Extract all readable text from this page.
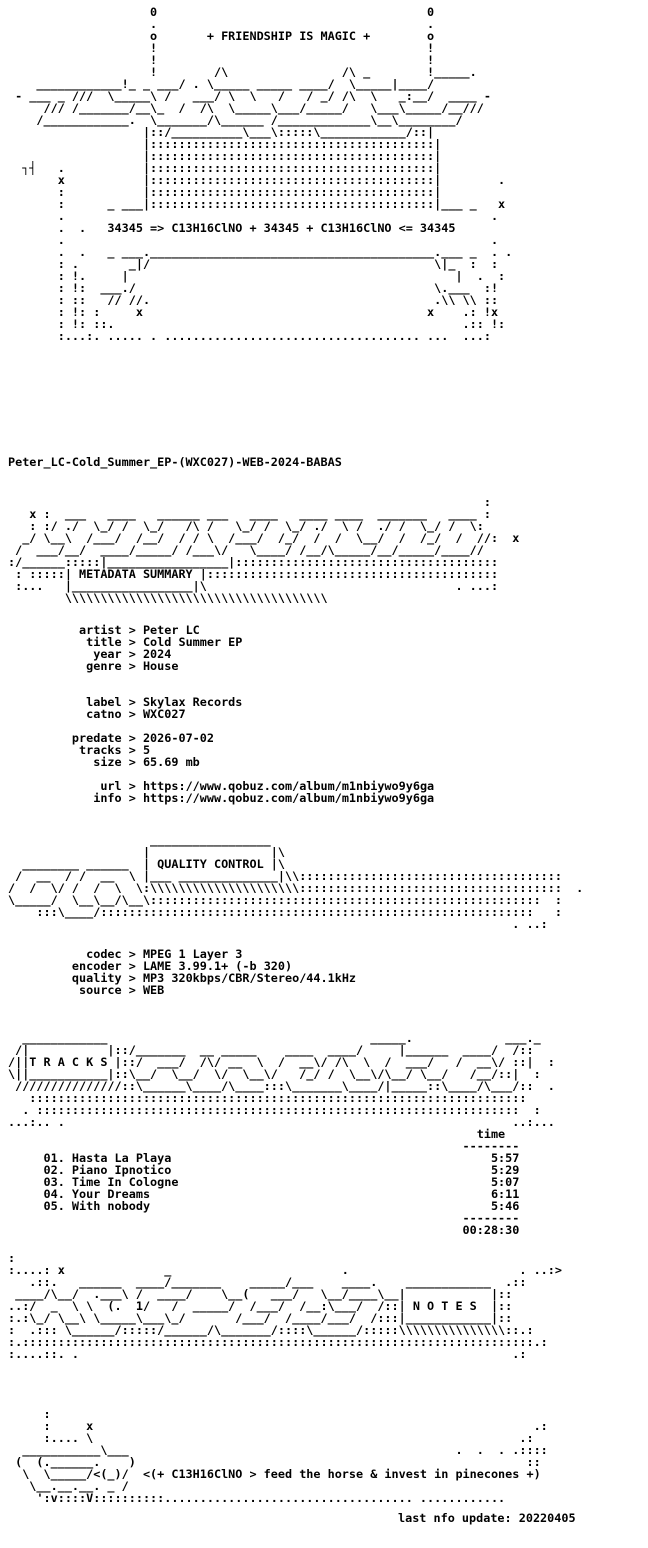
0                                      0
.                                      .
o       + FRIENDSHIP IS MAGIC +        o
!                                      !
!                                      !
!        /\                /\ _        !_____.
____________!_ _ ___/ . \_____ _____ ____/  \_____|____/
- ___ _ ///  \_____\ /   ___/ \  \   /   / _/ /\  \   _:__/  ____ -
/// /_______/__\_  /  /\  \_____\___/_____/   \___\_____/__///
/____________.  \_______/\______ /_____________\__\________/
|::/__________\___\:::::\____________/::|
|::::::::::::::::::::::::::::::::::::::::|
|::::::::::::::::::::::::::::::::::::::::|
┐┤   .           |::::::::::::::::::::::::::::::::::::::::|
x           |::::::::::::::::::::::::::::::::::::::::|        .
:           |::::::::::::::::::::::::::::::::::::::::|
:      _ ___|::::::::::::::::::::::::::::::::::::::::|___ _   x
.                                                            .
.  .   34345 => C13H16ClNO + 34345 + C13H16ClNO <= 34345
.                                                            .
.  .   _ ___.________________________________________.___ _  . .
: .       _|/                                        \|_  :  :
: !.     |                                              |  .  :
: !:  ___./                                          \.___  :!
: ::   // //.                                        .\\ \\ ::
: !: :     x                                        x    .: !x
: !: ::.                                                 .:: !:
:...:. ..... . .................................... ...  ...:
Peter_LC-Cold_Summer_EP-(WXC027)-WEB-2024-BABAS
:
x :  ___   ____   ______ ___   ____   ____ ____  _______   ____ :
: :/ ./  \_/ /  \_/   /\ /   \_/ /  \_/ ./  \ /  ./ /  \_/ /  \:
_/ \__\  /___/  /__/  / / \  /___/  /_/  /  /  \__/  /  /_/  /  //:  x
/  ___/__/  ____/_____/ /___\/   \____/ /__/\_____/__/_____/____//
:/______:::::|_________________|:::::::::::::::::::::::::::::::::::::
: :::::| METADATA SUMMARY |:::::::::::::::::::::::::::::::::::::::::
:...   |_________________|\                                   . ...:
\\\\\\\\\\\\\\\\\\\\\\\\\\\\\\\\\\\\\
artist > Peter LC
title > Cold Summer EP
year > 2024
genre > House

label > Skylax Records
catno > WXC027

predate > 2026-07-02
tracks > 5
size > 65.69 mb

url > https://www.qobuz.com/album/m1nbiywo9y6ga
info > https://www.qobuz.com/album/m1nbiywo9y6ga
_________________
|                 |\
________ ______  | QUALITY CONTROL |\
/  __  / /  __  \ |___ ______________|\\:::::::::::::::::::::::::::::::::::::
/  /  \/ /  /  \  \:\\\\\\\\\\\\\\\\\\\\\:::::::::::::::::::::::::::::::::::::  .
\_____/  \__\__/\__\:::::::::::::::::::::::::::::::::::::::::::::::::::::::  :
:::\____/:::::::::::::::::::::::::::::::::::::::::::::::::::::::::::::   :
. ..:
codec > MPEG 1 Layer 3
encoder > LAME 3.99.1+ (-b 320)
quality > MP3 320kbps/CBR/Stereo/44.1kHz
source > WEB
____________                                     _____.             ___._
/|           |::/_______  __ _____    ____  ____/     |______  ____/  /::
/||T R A C K S |::/  ___/  /\/ __  \  /  __\/ /\  \  /  ___/   /  __\/ ::|  :
\||___________|::\__/  \__/  \/  \__\/   /_/ /  \__\/\__/ \__/   /__/::|  :
///////////////::\______\____/\____:::\_______\____/|_____::\____/\___/::  .
::::::::::::::::::::::::::::::::::::::::::::::::::::::::::::::::::::::
. ::::::::::::::::::::::::::::::::::::::::::::::::::::::::::::::::::::  :
...:.. .                                                               ..:...
time
--------
01. Hasta La Playa                                             5:57
02. Piano Ipnotico                                             5:29
03. Time In Cologne                                            5:07
04. Your Dreams                                                6:11
05. With nobody                                                5:46
--------
00:28:30
:
:....: x              _                        .                        . ..:>
.::.   ______  ____/_______    _____/___    ____.    ____________  .::
____/\__/  .___\ /  ____/    \__(   ___/   \__/____\__|            |::
..:/  _  \ \  (.  1/   /  _____/  /___/  /__:\___/  /::| N O T E S  |::
:.:\_/ \__\ \_____\___\_/       /___/  /____/___/  /:::|____________|::
:  .::: \______/:::::/______/\_______/::::\______/:::::\\\\\\\\\\\\\\\::.:
:.::::::::::::::::::::::::::::::::::::::::::::::::::::::::::::::::::::::::.:
:....::. .                                                             .:
:
:     x                                                              .:
:.... \                                                            .:
___________\___                                              .  .  . .::::
(  (.______.    )                                                       ::
\  \_____/<(_)/  <(+ C13H16ClNO > feed the horse & invest in pinecones +)
\__.__.__. _ /
':v::::V::::::::::................................... ............
last nfo update: 20220405
